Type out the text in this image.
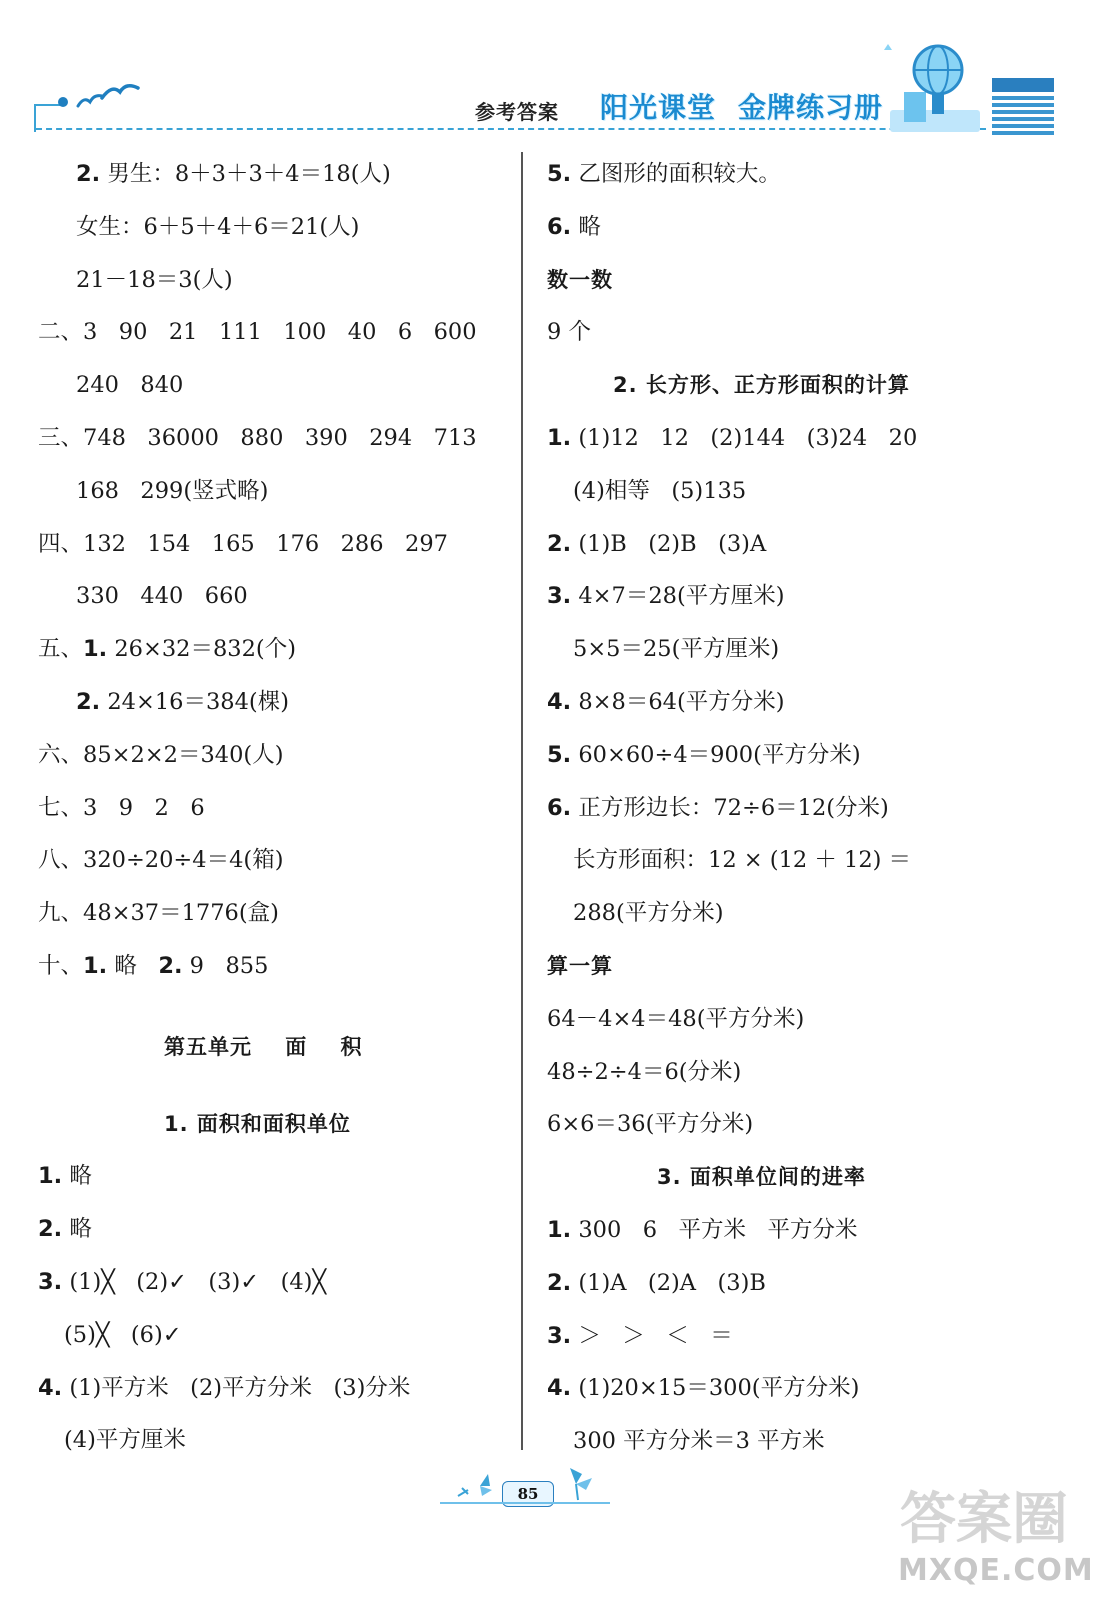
参考答案 阳光课堂 金牌练习册
2. 男生：8＋3＋3＋4＝18(人)
女生：6＋5＋4＋6＝21(人)
21－18＝3(人)
二、3   90   21   111   100   40   6   600
240   840
三、748   36000   880   390   294   713
168   299(竖式略)
四、132   154   165   176   286   297
330   440   660
五、1. 26×32＝832(个)
2. 24×16＝384(棵)
六、85×2×2＝340(人)
七、3   9   2   6
八、320÷20÷4＝4(箱)
九、48×37＝1776(盒)
十、1. 略   2. 9   855
第五单元    面    积
1. 面积和面积单位
1. 略
2. 略
3. (1)╳   (2)✓   (3)✓   (4)╳
(5)╳   (6)✓
4. (1)平方米   (2)平方分米   (3)分米
(4)平方厘米
5. 乙图形的面积较大。
6. 略
数一数
9 个
2. 长方形、正方形面积的计算
1. (1)12   12   (2)144   (3)24   20
(4)相等   (5)135
2. (1)B   (2)B   (3)A
3. 4×7＝28(平方厘米)
5×5＝25(平方厘米)
4. 8×8＝64(平方分米)
5. 60×60÷4＝900(平方分米)
6. 正方形边长：72÷6＝12(分米)
长方形面积：12 × (12 ＋ 12) ＝
288(平方分米)
算一算
64－4×4＝48(平方分米)
48÷2÷4＝6(分米)
6×6＝36(平方分米)
3. 面积单位间的进率
1. 300   6   平方米   平方分米
2. (1)A   (2)A   (3)B
3. ＞   ＞   ＜   ＝
4. (1)20×15＝300(平方分米)
300 平方分米＝3 平方米
85	答案圈
MXQE.COM
